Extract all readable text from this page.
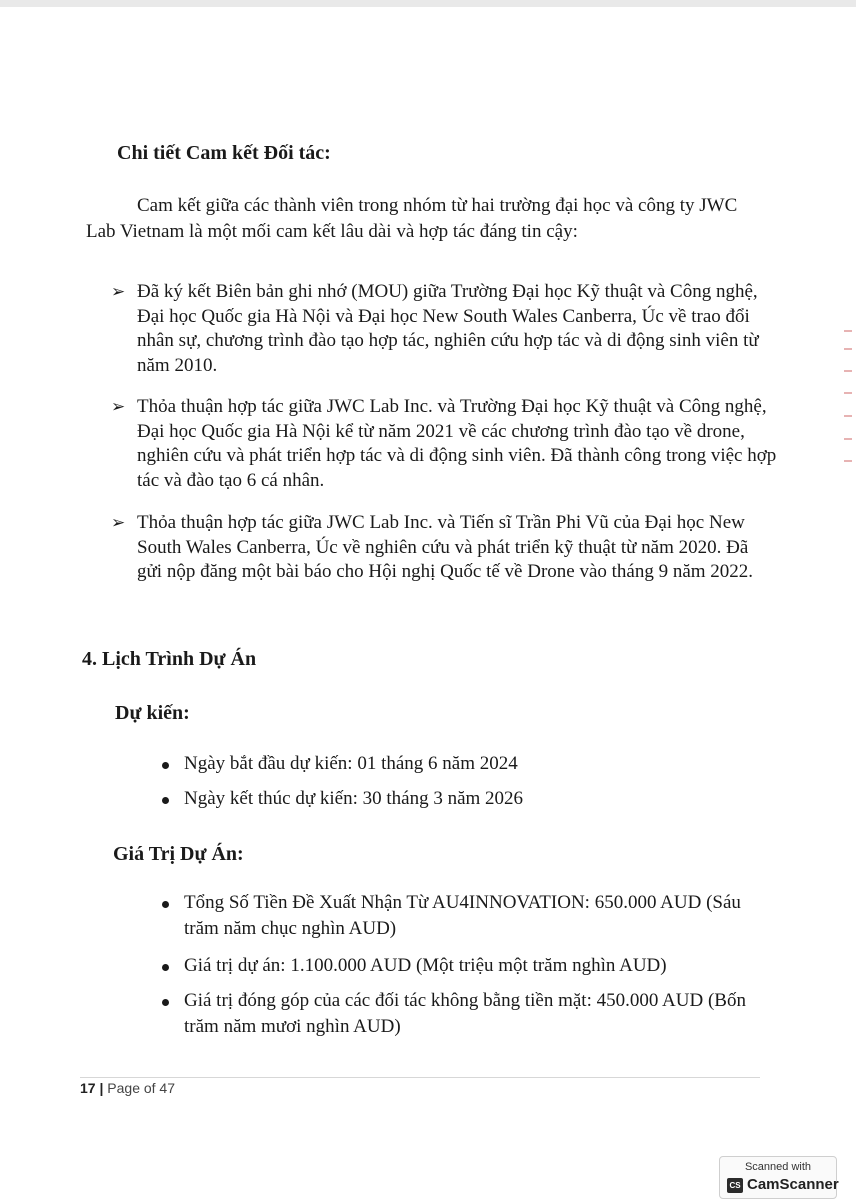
Chi tiết Cam kết Đối tác:

Cam kết giữa các thành viên trong nhóm từ hai trường đại học và công ty JWC Lab Vietnam là một mối cam kết lâu dài và hợp tác đáng tin cậy:

➢ Đã ký kết Biên bản ghi nhớ (MOU) giữa Trường Đại học Kỹ thuật và Công nghệ, Đại học Quốc gia Hà Nội và Đại học New South Wales Canberra, Úc về trao đổi nhân sự, chương trình đào tạo hợp tác, nghiên cứu hợp tác và di động sinh viên từ năm 2010.
➢ Thỏa thuận hợp tác giữa JWC Lab Inc. và Trường Đại học Kỹ thuật và Công nghệ, Đại học Quốc gia Hà Nội kể từ năm 2021 về các chương trình đào tạo về drone, nghiên cứu và phát triển hợp tác và di động sinh viên. Đã thành công trong việc hợp tác và đào tạo 6 cá nhân.
➢ Thỏa thuận hợp tác giữa JWC Lab Inc. và Tiến sĩ Trần Phi Vũ của Đại học New South Wales Canberra, Úc về nghiên cứu và phát triển kỹ thuật từ năm 2020. Đã gửi nộp đăng một bài báo cho Hội nghị Quốc tế về Drone vào tháng 9 năm 2022.
4. Lịch Trình Dự Án
Dự kiến:
Ngày bắt đầu dự kiến: 01 tháng 6 năm 2024
Ngày kết thúc dự kiến: 30 tháng 3 năm 2026
Giá Trị Dự Án:
Tổng Số Tiền Đề Xuất Nhận Từ AU4INNOVATION: 650.000 AUD (Sáu trăm năm chục nghìn AUD)
Giá trị dự án: 1.100.000 AUD (Một triệu một trăm nghìn AUD)
Giá trị đóng góp của các đối tác không bằng tiền mặt: 450.000 AUD (Bốn trăm năm mươi nghìn AUD)
17 | Page of 47
Scanned with
CS CamScanner
